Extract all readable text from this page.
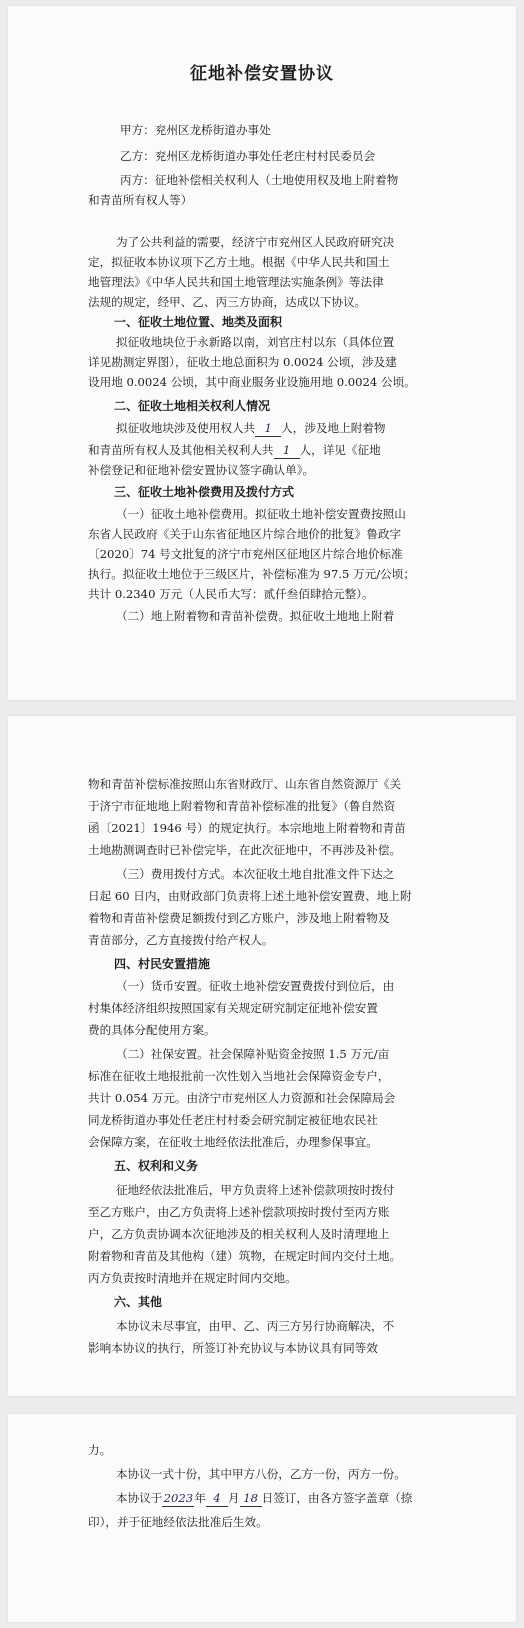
征地补偿安置协议
甲方：兖州区龙桥街道办事处
乙方：兖州区龙桥街道办事处任老庄村村民委员会
丙方：征地补偿相关权利人（土地使用权及地上附着物
和青苗所有权人等）
为了公共利益的需要，经济宁市兖州区人民政府研究决
定，拟征收本协议项下乙方土地。根据《中华人民共和国土
地管理法》《中华人民共和国土地管理法实施条例》等法律
法规的规定，经甲、乙、丙三方协商，达成以下协议。
一、征收土地位置、地类及面积
拟征收地块位于永新路以南，刘官庄村以东（具体位置
详见勘测定界图），征收土地总面积为 0.0024 公顷，涉及建
设用地 0.0024 公顷，其中商业服务业设施用地 0.0024 公顷。
二、征收土地相关权利人情况
拟征收地块涉及使用权人共 1 人，涉及地上附着物
和青苗所有权人及其他相关权利人共 1 人，详见《征地
补偿登记和征地补偿安置协议签字确认单》。
三、征收土地补偿费用及拨付方式
（一）征收土地补偿费用。拟征收土地补偿安置费按照山
东省人民政府《关于山东省征地区片综合地价的批复》鲁政字
〔2020〕74 号文批复的济宁市兖州区征地区片综合地价标准
执行。拟征收土地位于三级区片，补偿标准为 97.5 万元/公顷；
共计 0.2340 万元（人民币大写：贰仟叁佰肆拾元整）。
（二）地上附着物和青苗补偿费。拟征收土地地上附着
物和青苗补偿标准按照山东省财政厅、山东省自然资源厅《关
于济宁市征地地上附着物和青苗补偿标准的批复》（鲁自然资
函〔2021〕1946 号）的规定执行。本宗地地上附着物和青苗
土地勘测调查时已补偿完毕，在此次征地中，不再涉及补偿。
（三）费用拨付方式。本次征收土地自批准文件下达之
日起 60 日内，由财政部门负责将上述土地补偿安置费、地上附
着物和青苗补偿费足额拨付到乙方账户，涉及地上附着物及
青苗部分，乙方直接拨付给产权人。
四、村民安置措施
（一）货币安置。征收土地补偿安置费拨付到位后，由
村集体经济组织按照国家有关规定研究制定征地补偿安置
费的具体分配使用方案。
（二）社保安置。社会保障补贴资金按照 1.5 万元/亩
标准在征收土地报批前一次性划入当地社会保障资金专户，
共计 0.054 万元。由济宁市兖州区人力资源和社会保障局会
同龙桥街道办事处任老庄村村委会研究制定被征地农民社
会保障方案，在征收土地经依法批准后，办理参保事宜。
五、权利和义务
征地经依法批准后，甲方负责将上述补偿款项按时拨付
至乙方账户，由乙方负责将上述补偿款项按时拨付至丙方账
户，乙方负责协调本次征地涉及的相关权利人及时清理地上
附着物和青苗及其他构（建）筑物，在规定时间内交付土地。
丙方负责按时清地并在规定时间内交地。
六、其他
本协议未尽事宜，由甲、乙、丙三方另行协商解决，不
影响本协议的执行，所签订补充协议与本协议具有同等效
力。
本协议一式十份，其中甲方八份，乙方一份，丙方一份。
本协议于2023年 4 月 18 日签订，由各方签字盖章（捺
印），并于征地经依法批准后生效。
